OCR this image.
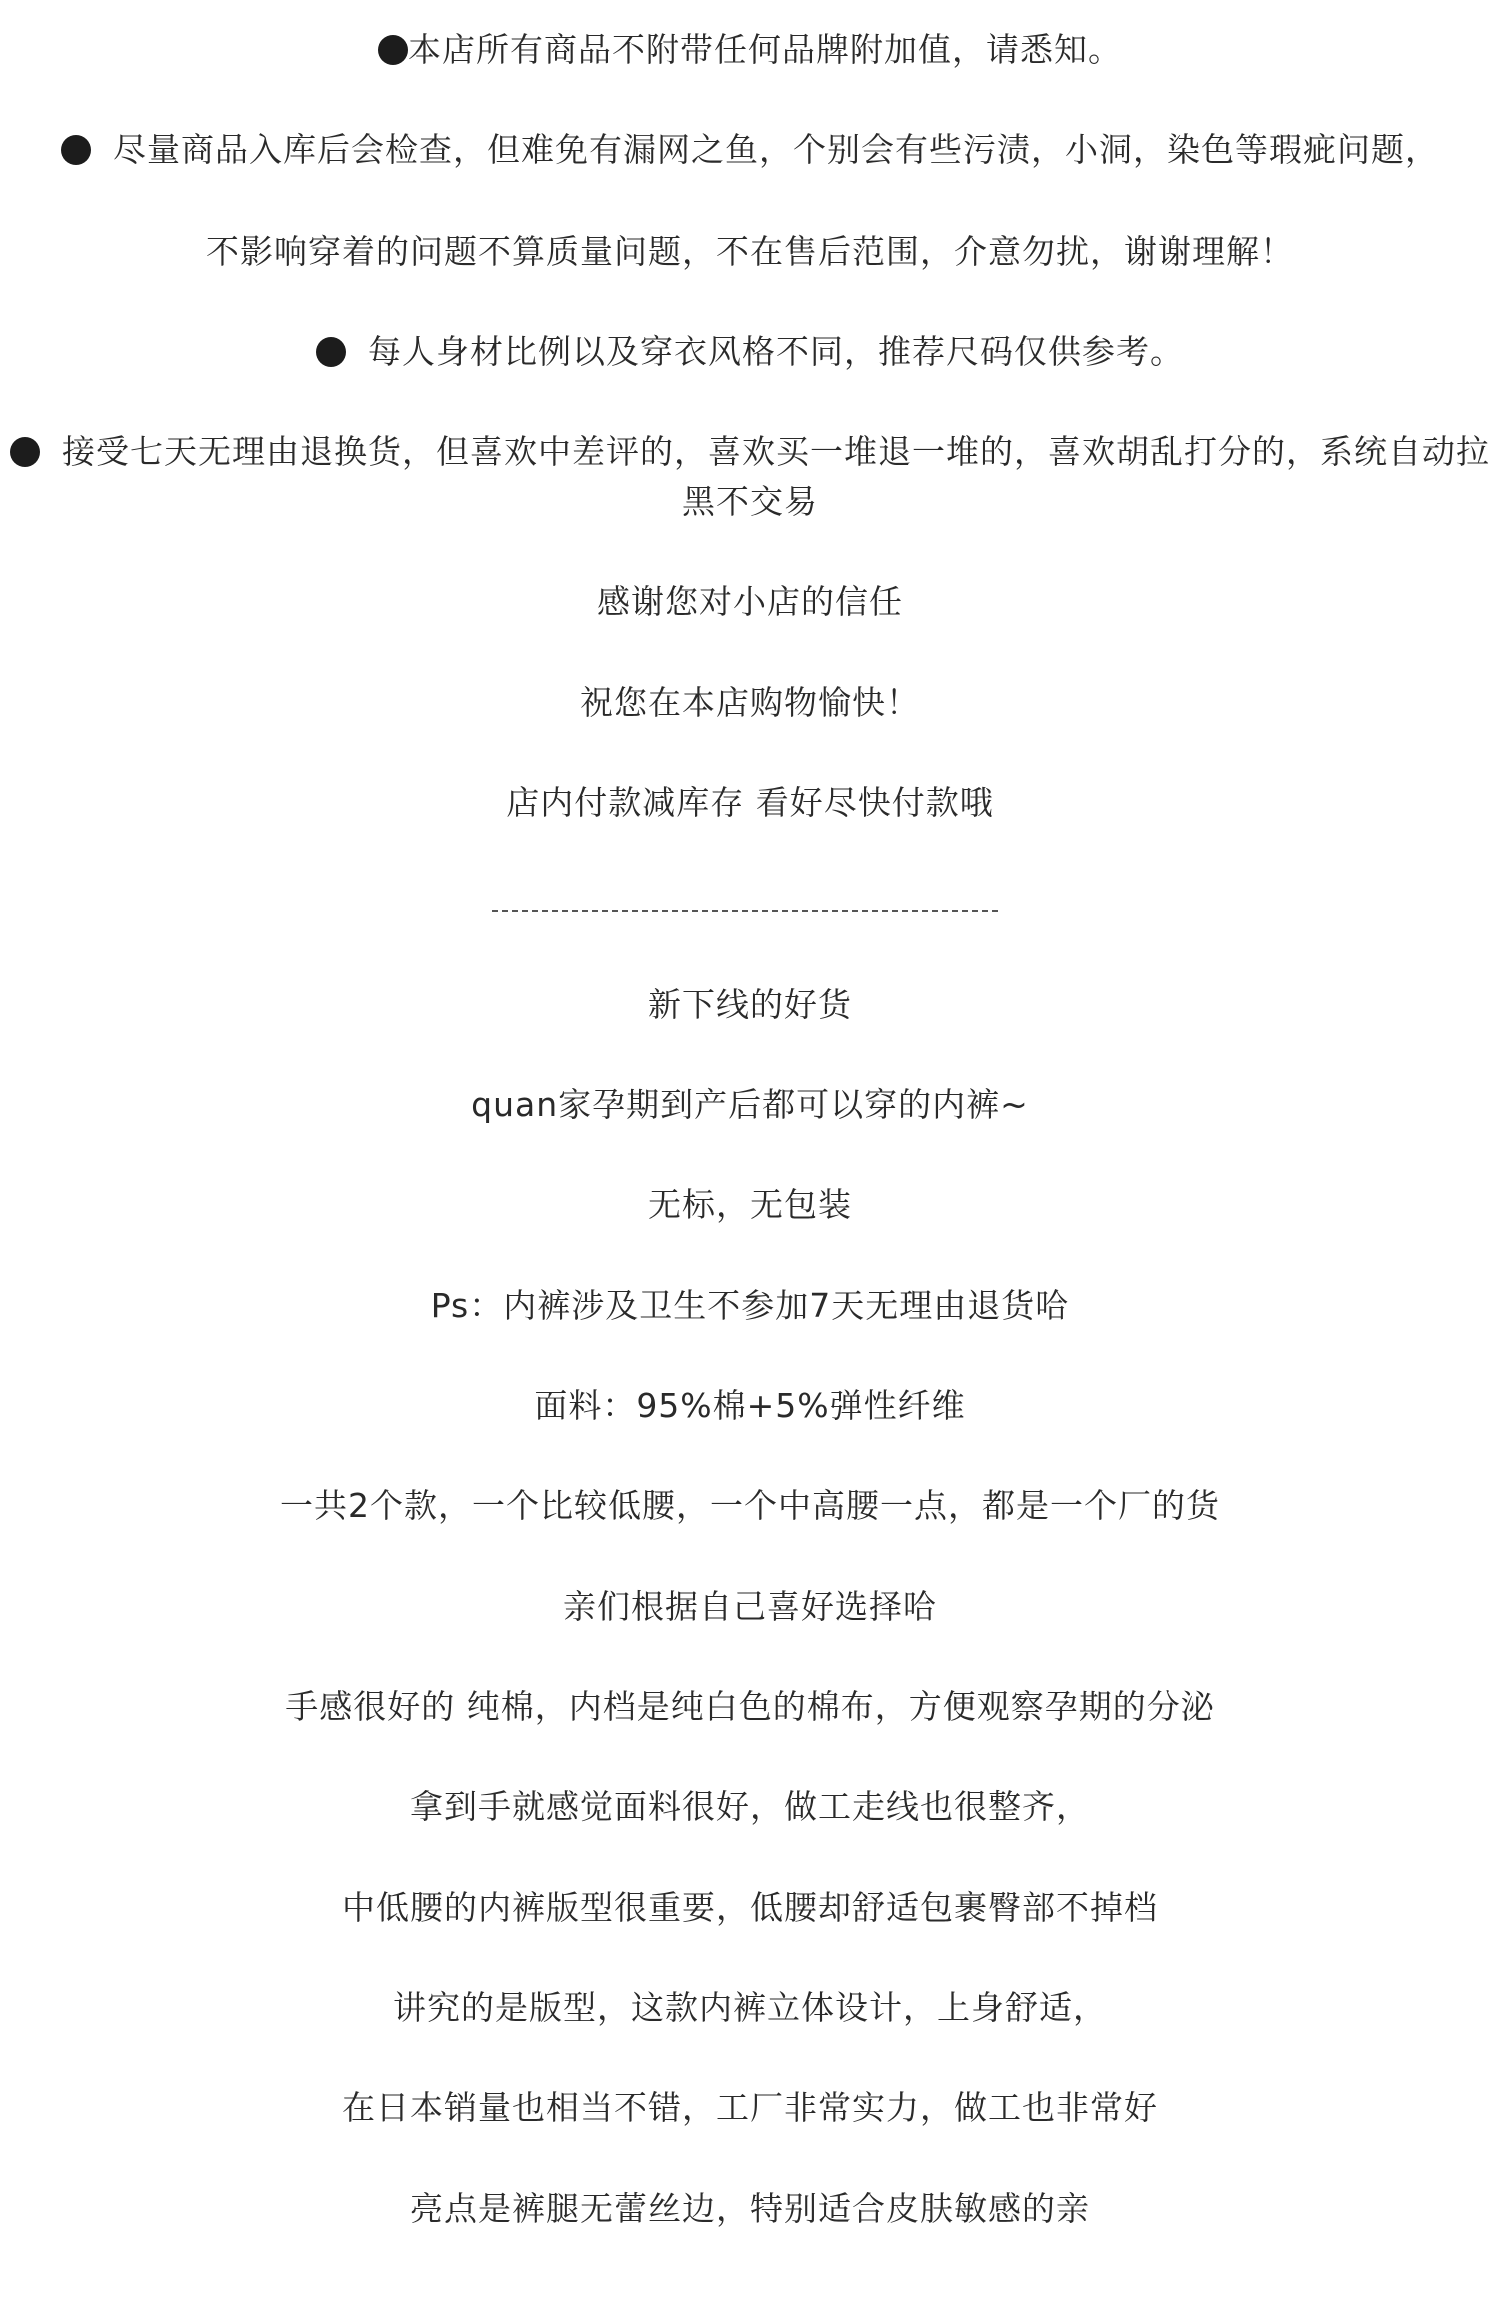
本店所有商品不附带任何品牌附加值，请悉知。
尽量商品入库后会检查，但难免有漏网之鱼，个别会有些污渍，小洞，染色等瑕疵问题，
不影响穿着的问题不算质量问题，不在售后范围，介意勿扰，谢谢理解！
每人身材比例以及穿衣风格不同，推荐尺码仅供参考。
接受七天无理由退换货，但喜欢中差评的，喜欢买一堆退一堆的，喜欢胡乱打分的，系统自动拉
黑不交易
感谢您对小店的信任
祝您在本店购物愉快！
店内付款减库存 看好尽快付款哦
新下线的好货
quan家孕期到产后都可以穿的内裤~
无标，无包装
Ps：内裤涉及卫生不参加7天无理由退货哈
面料：95%棉+5%弹性纤维
一共2个款，一个比较低腰，一个中高腰一点，都是一个厂的货
亲们根据自己喜好选择哈
手感很好的 纯棉，内档是纯白色的棉布，方便观察孕期的分泌
拿到手就感觉面料很好，做工走线也很整齐，
中低腰的内裤版型很重要，低腰却舒适包裹臀部不掉档
讲究的是版型，这款内裤立体设计，上身舒适，
在日本销量也相当不错，工厂非常实力，做工也非常好
亮点是裤腿无蕾丝边，特别适合皮肤敏感的亲
